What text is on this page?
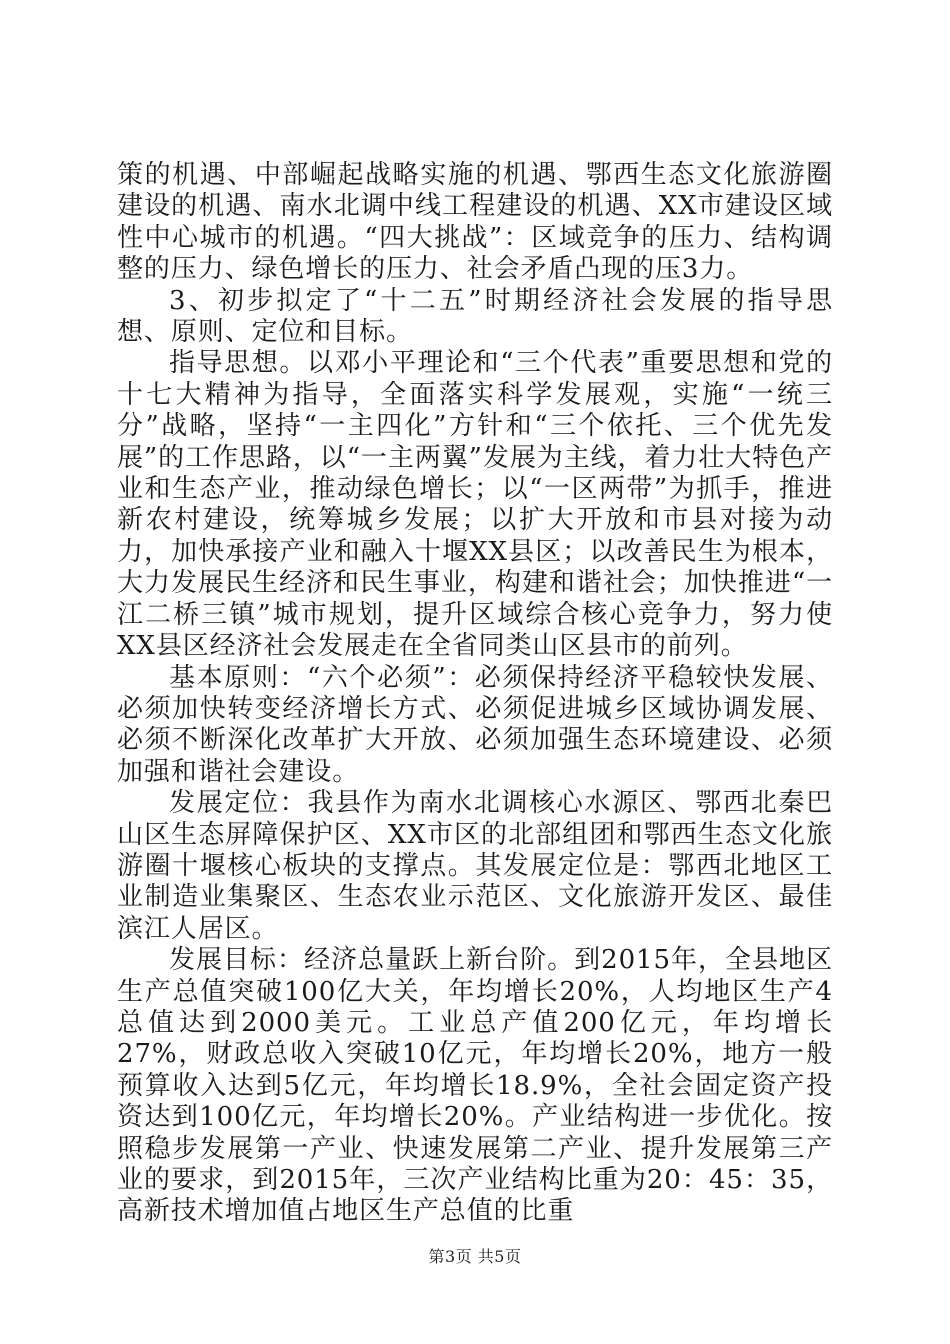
策的机遇、中部崛起战略实施的机遇、鄂西生态文化旅游圈建设的机遇、南水北调中线工程建设的机遇、XX市建设区域性中心城市的机遇。“四大挑战”：区域竞争的压力、结构调整的压力、绿色增长的压力、社会矛盾凸现的压3力。

3、初步拟定了“十二五”时期经济社会发展的指导思想、原则、定位和目标。

指导思想。以邓小平理论和“三个代表”重要思想和党的十七大精神为指导，全面落实科学发展观，实施“一统三分”战略，坚持“一主四化”方针和“三个依托、三个优先发展”的工作思路，以“一主两翼”发展为主线，着力壮大特色产业和生态产业，推动绿色增长；以“一区两带”为抓手，推进新农村建设，统筹城乡发展；以扩大开放和市县对接为动力，加快承接产业和融入十堰XX县区；以改善民生为根本，大力发展民生经济和民生事业，构建和谐社会；加快推进“一江二桥三镇”城市规划，提升区域综合核心竞争力，努力使XX县区经济社会发展走在全省同类山区县市的前列。

基本原则：“六个必须”：必须保持经济平稳较快发展、必须加快转变经济增长方式、必须促进城乡区域协调发展、必须不断深化改革扩大开放、必须加强生态环境建设、必须加强和谐社会建设。

发展定位：我县作为南水北调核心水源区、鄂西北秦巴山区生态屏障保护区、XX市区的北部组团和鄂西生态文化旅游圈十堰核心板块的支撑点。其发展定位是：鄂西北地区工业制造业集聚区、生态农业示范区、文化旅游开发区、最佳滨江人居区。

发展目标：经济总量跃上新台阶。到2015年，全县地区生产总值突破100亿大关，年均增长20%，人均地区生产4总值达到2000美元。工业总产值200亿元，年均增长27%，财政总收入突破10亿元，年均增长20%，地方一般预算收入达到5亿元，年均增长18.9%，全社会固定资产投资达到100亿元，年均增长20%。产业结构进一步优化。按照稳步发展第一产业、快速发展第二产业、提升发展第三产业的要求，到2015年，三次产业结构比重为20：45：35，高新技术增加值占地区生产总值的比重

第3页 共5页
